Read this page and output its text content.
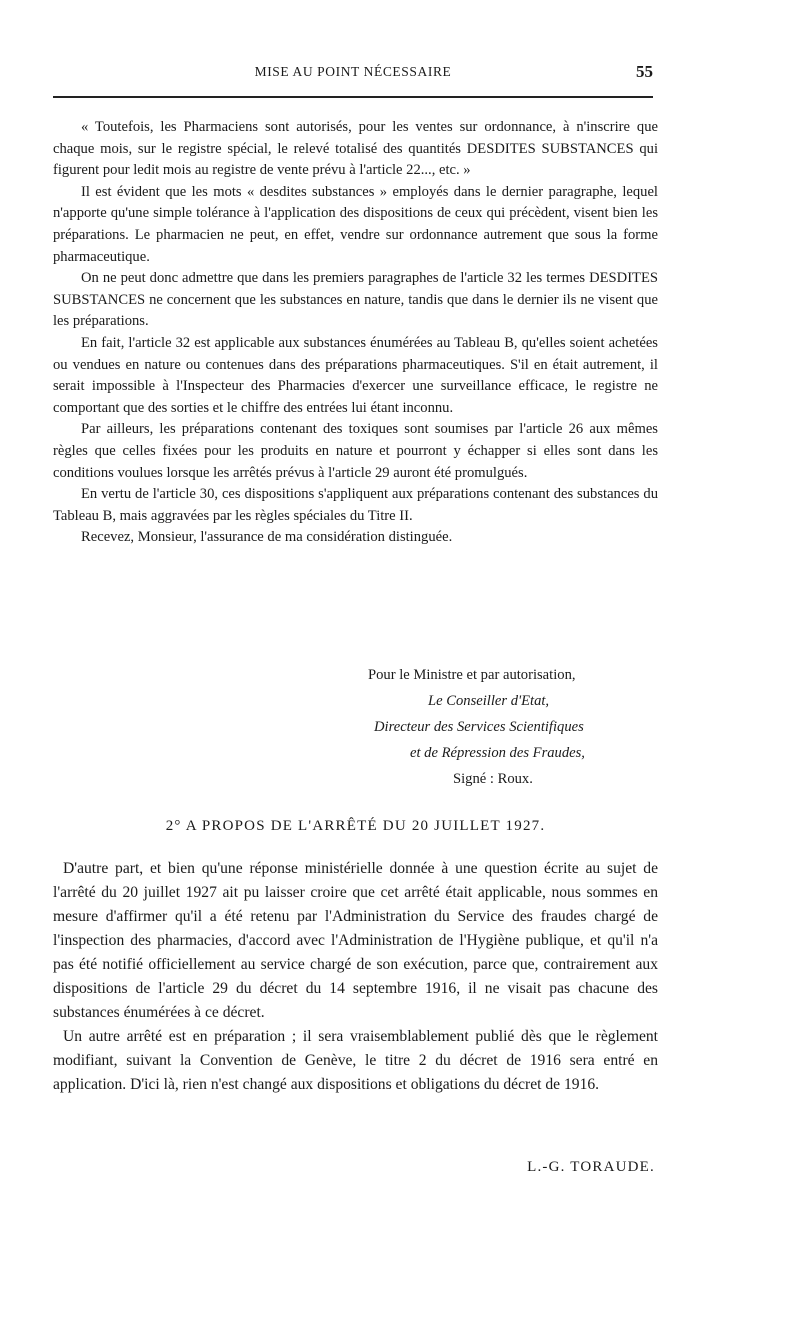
MISE AU POINT NÉCESSAIRE	55

« Toutefois, les Pharmaciens sont autorisés, pour les ventes sur ordonnance, à n'inscrire que chaque mois, sur le registre spécial, le relevé totalisé des quantités DESDITES SUBSTANCES qui figurent pour ledit mois au registre de vente prévu à l'article 22..., etc. »

Il est évident que les mots « desdites substances » employés dans le dernier paragraphe, lequel n'apporte qu'une simple tolérance à l'application des dispositions de ceux qui précèdent, visent bien les préparations. Le pharmacien ne peut, en effet, vendre sur ordonnance autrement que sous la forme pharmaceutique.

On ne peut donc admettre que dans les premiers paragraphes de l'article 32 les termes DESDITES SUBSTANCES ne concernent que les substances en nature, tandis que dans le dernier ils ne visent que les préparations.

En fait, l'article 32 est applicable aux substances énumérées au Tableau B, qu'elles soient achetées ou vendues en nature ou contenues dans des préparations pharmaceutiques. S'il en était autrement, il serait impossible à l'Inspecteur des Pharmacies d'exercer une surveillance efficace, le registre ne comportant que des sorties et le chiffre des entrées lui étant inconnu.

Par ailleurs, les préparations contenant des toxiques sont soumises par l'article 26 aux mêmes règles que celles fixées pour les produits en nature et pourront y échapper si elles sont dans les conditions voulues lorsque les arrêtés prévus à l'article 29 auront été promulgués.

En vertu de l'article 30, ces dispositions s'appliquent aux préparations contenant des substances du Tableau B, mais aggravées par les règles spéciales du Titre II.

Recevez, Monsieur, l'assurance de ma considération distinguée.

Pour le Ministre et par autorisation,
Le Conseiller d'Etat,
Directeur des Services Scientifiques
et de Répression des Fraudes,
Signé : Roux.
2° A PROPOS DE L'ARRÊTÉ DU 20 JUILLET 1927.

D'autre part, et bien qu'une réponse ministérielle donnée à une question écrite au sujet de l'arrêté du 20 juillet 1927 ait pu laisser croire que cet arrêté était applicable, nous sommes en mesure d'affirmer qu'il a été retenu par l'Administration du Service des fraudes chargé de l'inspection des pharmacies, d'accord avec l'Administration de l'Hygiène publique, et qu'il n'a pas été notifié officiellement au service chargé de son exécution, parce que, contrairement aux dispositions de l'article 29 du décret du 14 septembre 1916, il ne visait pas chacune des substances énumérées à ce décret.

Un autre arrêté est en préparation ; il sera vraisemblablement publié dès que le règlement modifiant, suivant la Convention de Genève, le titre 2 du décret de 1916 sera entré en application. D'ici là, rien n'est changé aux dispositions et obligations du décret de 1916.

L.-G. TORAUDE.
